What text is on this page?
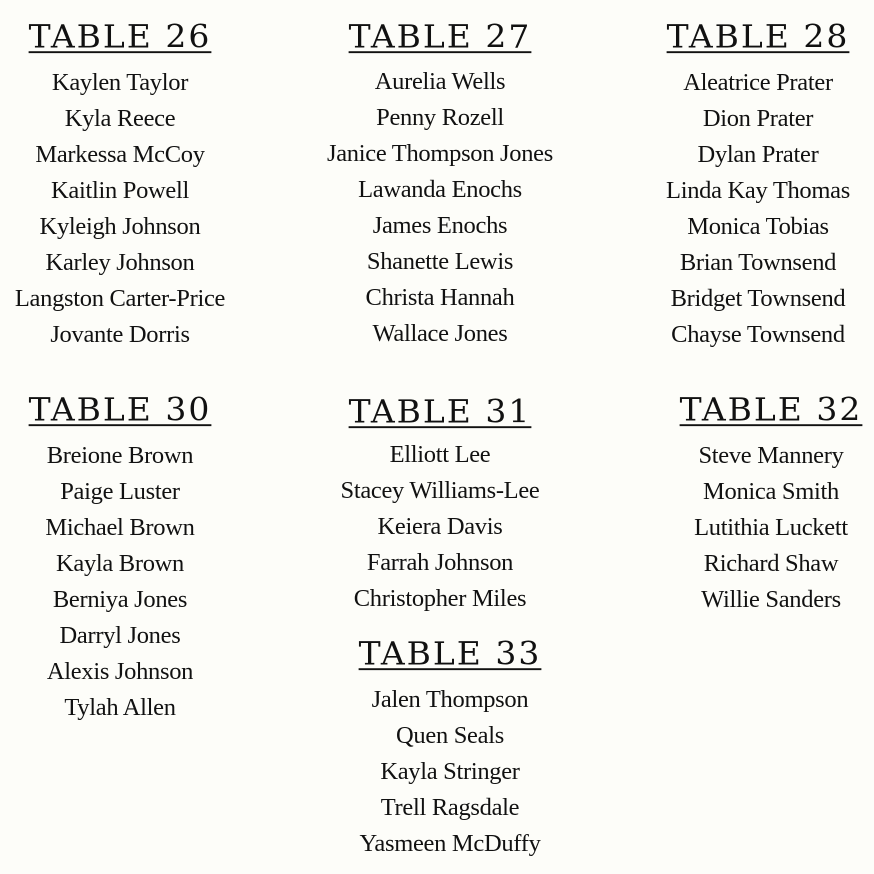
TABLE 26
Kaylen Taylor
Kyla Reece
Markessa McCoy
Kaitlin Powell
Kyleigh Johnson
Karley Johnson
Langston Carter-Price
Jovante Dorris
TABLE 27
Aurelia Wells
Penny Rozell
Janice Thompson Jones
Lawanda Enochs
James Enochs
Shanette Lewis
Christa Hannah
Wallace Jones
TABLE 28
Aleatrice Prater
Dion Prater
Dylan Prater
Linda Kay Thomas
Monica Tobias
Brian Townsend
Bridget Townsend
Chayse Townsend
TABLE 30
Breione Brown
Paige Luster
Michael Brown
Kayla Brown
Berniya Jones
Darryl Jones
Alexis Johnson
Tylah Allen
TABLE 31
Elliott Lee
Stacey Williams-Lee
Keiera Davis
Farrah Johnson
Christopher Miles
TABLE 32
Steve Mannery
Monica Smith
Lutithia Luckett
Richard Shaw
Willie Sanders
TABLE 33
Jalen Thompson
Quen Seals
Kayla Stringer
Trell Ragsdale
Yasmeen McDuffy
